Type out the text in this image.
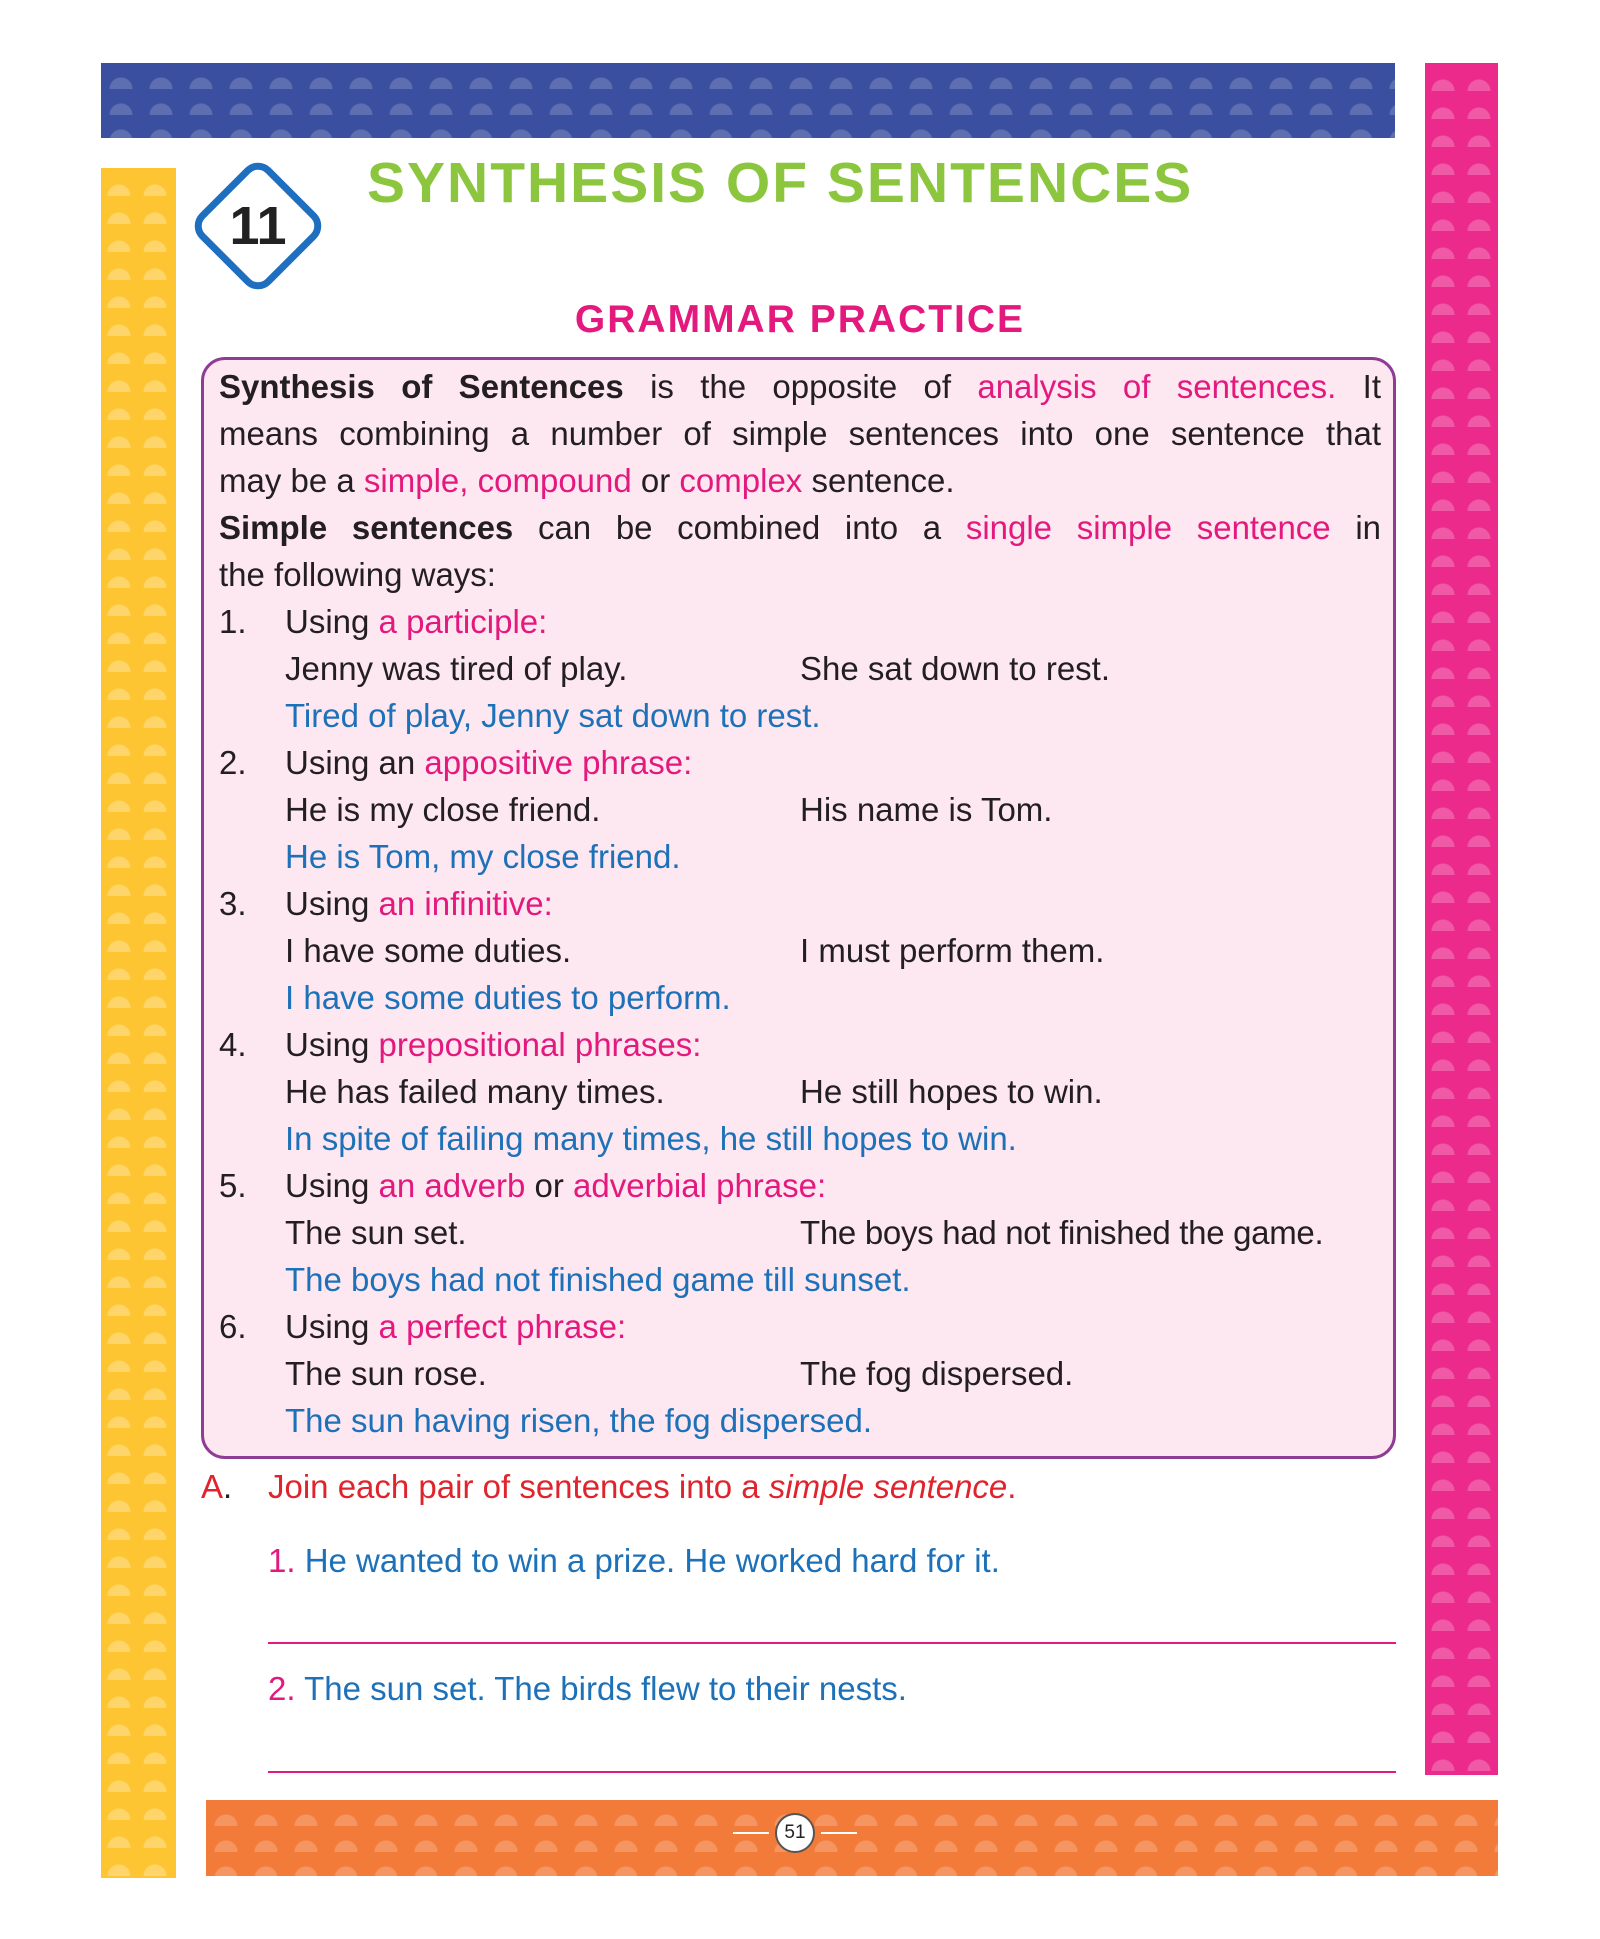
11
SYNTHESIS OF SENTENCES
GRAMMAR PRACTICE
Synthesis of Sentences is the opposite of analysis of sentences. It
means combining a number of simple sentences into one sentence that
may be a simple, compound or complex sentence.
Simple sentences can be combined into a single simple sentence in
the following ways:
1. Using a participle:
Jenny was tired of play.	She sat down to rest.
Tired of play, Jenny sat down to rest.
2. Using an appositive phrase:
He is my close friend.	His name is Tom.
He is Tom, my close friend.
3. Using an infinitive:
I have some duties.	I must perform them.
I have some duties to perform.
4. Using prepositional phrases:
He has failed many times.	He still hopes to win.
In spite of failing many times, he still hopes to win.
5. Using an adverb or adverbial phrase:
The sun set.	The boys had not finished the game.
The boys had not finished game till sunset.
6. Using a perfect phrase:
The sun rose.	The fog dispersed.
The sun having risen, the fog dispersed.
A. Join each pair of sentences into a simple sentence.
1. He wanted to win a prize. He worked hard for it.
2. The sun set. The birds flew to their nests.
51
